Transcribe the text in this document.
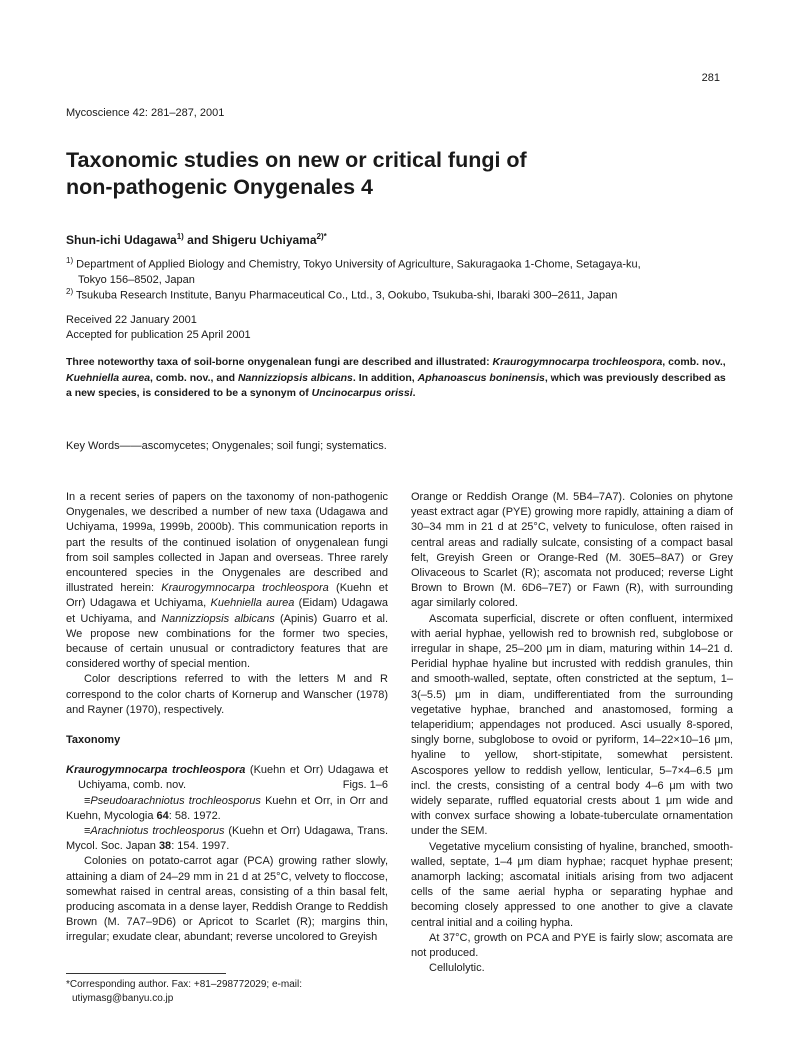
281
Mycoscience 42: 281–287, 2001
Taxonomic studies on new or critical fungi of
non-pathogenic Onygenales 4
Shun-ichi Udagawa$^{1)}$ and Shigeru Uchiyama$^{2)*}$
$^{1)}$ Department of Applied Biology and Chemistry, Tokyo University of Agriculture, Sakuragaoka 1-Chome, Setagaya-ku,
Tokyo 156–8502, Japan
$^{2)}$ Tsukuba Research Institute, Banyu Pharmaceutical Co., Ltd., 3, Ookubo, Tsukuba-shi, Ibaraki 300–2611, Japan
Received 22 January 2001
Accepted for publication 25 April 2001

Three noteworthy taxa of soil-borne onygenalean fungi are described and illustrated: Kraurogymnocarpa trochleospora, comb. nov., Kuehniella aurea, comb. nov., and Nannizziopsis albicans. In addition, Aphanoascus boninensis, which was previously described as a new species, is considered to be a synonym of Uncinocarpus orissi.

Key Words——ascomycetes; Onygenales; soil fungi; systematics.

In a recent series of papers on the taxonomy of non-pathogenic Onygenales, we described a number of new taxa (Udagawa and Uchiyama, 1999a, 1999b, 2000b). This communication reports in part the results of the continued isolation of onygenalean fungi from soil samples collected in Japan and overseas. Three rarely encountered species in the Onygenales are described and illustrated herein: Kraurogymnocarpa trochleospora (Kuehn et Orr) Udagawa et Uchiyama, Kuehniella aurea (Eidam) Udagawa et Uchiyama, and Nannizziopsis albicans (Apinis) Guarro et al. We propose new combinations for the former two species, because of certain unusual or contradictory features that are considered worthy of special mention.

Color descriptions referred to with the letters M and R correspond to the color charts of Kornerup and Wanscher (1978) and Rayner (1970), respectively.

Taxonomy

Kraurogymnocarpa trochleospora (Kuehn et Orr) Udagawa et Uchiyama, comb. nov.	Figs. 1–6

≡Pseudoarachniotus trochleosporus Kuehn et Orr, in Orr and Kuehn, Mycologia 64: 58. 1972.

≡Arachniotus trochleosporus (Kuehn et Orr) Udagawa, Trans. Mycol. Soc. Japan 38: 154. 1997.

Colonies on potato-carrot agar (PCA) growing rather slowly, attaining a diam of 24–29 mm in 21 d at 25°C, velvety to floccose, somewhat raised in central areas, consisting of a thin basal felt, producing ascomata in a dense layer, Reddish Orange to Reddish Brown (M. 7A7–9D6) or Apricot to Scarlet (R); margins thin, irregular; exudate clear, abundant; reverse uncolored to Greyish

Orange or Reddish Orange (M. 5B4–7A7). Colonies on phytone yeast extract agar (PYE) growing more rapidly, attaining a diam of 30–34 mm in 21 d at 25°C, velvety to funiculose, often raised in central areas and radially sulcate, consisting of a compact basal felt, Greyish Green or Orange-Red (M. 30E5–8A7) or Grey Olivaceous to Scarlet (R); ascomata not produced; reverse Light Brown to Brown (M. 6D6–7E7) or Fawn (R), with surrounding agar similarly colored.

Ascomata superficial, discrete or often confluent, intermixed with aerial hyphae, yellowish red to brownish red, subglobose or irregular in shape, 25–200 μm in diam, maturing within 14–21 d. Peridial hyphae hyaline but incrusted with reddish granules, thin and smooth-walled, septate, often constricted at the septum, 1–3(–5.5) μm in diam, undifferentiated from the surrounding vegetative hyphae, branched and anastomosed, forming a telaperidium; appendages not produced. Asci usually 8-spored, singly borne, subglobose to ovoid or pyriform, 14–22×10–16 μm, hyaline to yellow, short-stipitate, somewhat persistent. Ascospores yellow to reddish yellow, lenticular, 5–7×4–6.5 μm incl. the crests, consisting of a central body 4–6 μm with two widely separate, ruffled equatorial crests about 1 μm wide and with convex surface showing a lobate-tuberculate ornamentation under the SEM.

Vegetative mycelium consisting of hyaline, branched, smooth-walled, septate, 1–4 μm diam hyphae; racquet hyphae present; anamorph lacking; ascomatal initials arising from two adjacent cells of the same aerial hypha or separating hyphae and becoming closely appressed to one another to give a clavate central initial and a coiling hypha.

At 37°C, growth on PCA and PYE is fairly slow; ascomata are not produced.

Cellulolytic.

*Corresponding author. Fax: +81–298772029; e-mail:
utiymasg@banyu.co.jp
